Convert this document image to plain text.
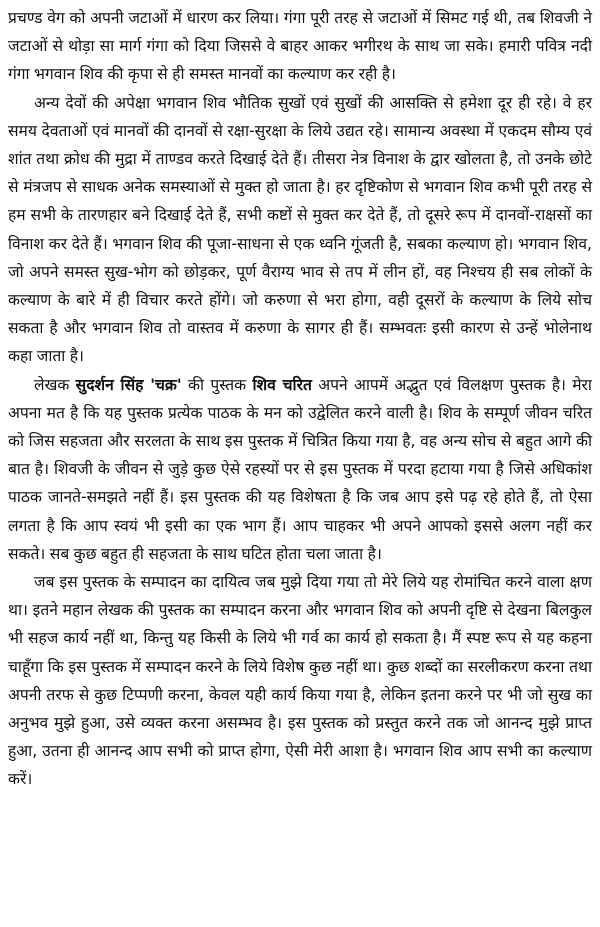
प्रचण्ड वेग को अपनी जटाओं में धारण कर लिया। गंगा पूरी तरह से जटाओं में सिमट गई थी, तब शिवजी ने जटाओं से थोड़ा सा मार्ग गंगा को दिया जिससे वे बाहर आकर भगीरथ के साथ जा सके। हमारी पवित्र नदी गंगा भगवान शिव की कृपा से ही समस्त मानवों का कल्याण कर रही है।

अन्य देवों की अपेक्षा भगवान शिव भौतिक सुखों एवं सुखों की आसक्ति से हमेशा दूर ही रहे। वे हर समय देवताओं एवं मानवों की दानवों से रक्षा-सुरक्षा के लिये उद्यत रहे। सामान्य अवस्था में एकदम सौम्य एवं शांत तथा क्रोध की मुद्रा में ताण्डव करते दिखाई देते हैं। तीसरा नेत्र विनाश के द्वार खोलता है, तो उनके छोटे से मंत्रजप से साधक अनेक समस्याओं से मुक्त हो जाता है। हर दृष्टिकोण से भगवान शिव कभी पूरी तरह से हम सभी के तारणहार बने दिखाई देते हैं, सभी कष्टों से मुक्त कर देते हैं, तो दूसरे रूप में दानवों-राक्षसों का विनाश कर देते हैं। भगवान शिव की पूजा-साधना से एक ध्वनि गूंजती है, सबका कल्याण हो। भगवान शिव, जो अपने समस्त सुख-भोग को छोड़कर, पूर्ण वैराग्य भाव से तप में लीन हों, वह निश्चय ही सब लोकों के कल्याण के बारे में ही विचार करते होंगे। जो करुणा से भरा होगा, वही दूसरों के कल्याण के लिये सोच सकता है और भगवान शिव तो वास्तव में करुणा के सागर ही हैं। सम्भवतः इसी कारण से उन्हें भोलेनाथ कहा जाता है।

लेखक सुदर्शन सिंह 'चक्र' की पुस्तक शिव चरित अपने आपमें अद्भुत एवं विलक्षण पुस्तक है। मेरा अपना मत है कि यह पुस्तक प्रत्येक पाठक के मन को उद्वेलित करने वाली है। शिव के सम्पूर्ण जीवन चरित को जिस सहजता और सरलता के साथ इस पुस्तक में चित्रित किया गया है, वह अन्य सोच से बहुत आगे की बात है। शिवजी के जीवन से जुड़े कुछ ऐसे रहस्यों पर से इस पुस्तक में परदा हटाया गया है जिसे अधिकांश पाठक जानते-समझते नहीं हैं। इस पुस्तक की यह विशेषता है कि जब आप इसे पढ़ रहे होते हैं, तो ऐसा लगता है कि आप स्वयं भी इसी का एक भाग हैं। आप चाहकर भी अपने आपको इससे अलग नहीं कर सकते। सब कुछ बहुत ही सहजता के साथ घटित होता चला जाता है।

जब इस पुस्तक के सम्पादन का दायित्व जब मुझे दिया गया तो मेरे लिये यह रोमांचित करने वाला क्षण था। इतने महान लेखक की पुस्तक का सम्पादन करना और भगवान शिव को अपनी दृष्टि से देखना बिलकुल भी सहज कार्य नहीं था, किन्तु यह किसी के लिये भी गर्व का कार्य हो सकता है। मैं स्पष्ट रूप से यह कहना चाहूँगा कि इस पुस्तक में सम्पादन करने के लिये विशेष कुछ नहीं था। कुछ शब्दों का सरलीकरण करना तथा अपनी तरफ से कुछ टिप्पणी करना, केवल यही कार्य किया गया है, लेकिन इतना करने पर भी जो सुख का अनुभव मुझे हुआ, उसे व्यक्त करना असम्भव है। इस पुस्तक को प्रस्तुत करने तक जो आनन्द मुझे प्राप्त हुआ, उतना ही आनन्द आप सभी को प्राप्त होगा, ऐसी मेरी आशा है। भगवान शिव आप सभी का कल्याण करें।
